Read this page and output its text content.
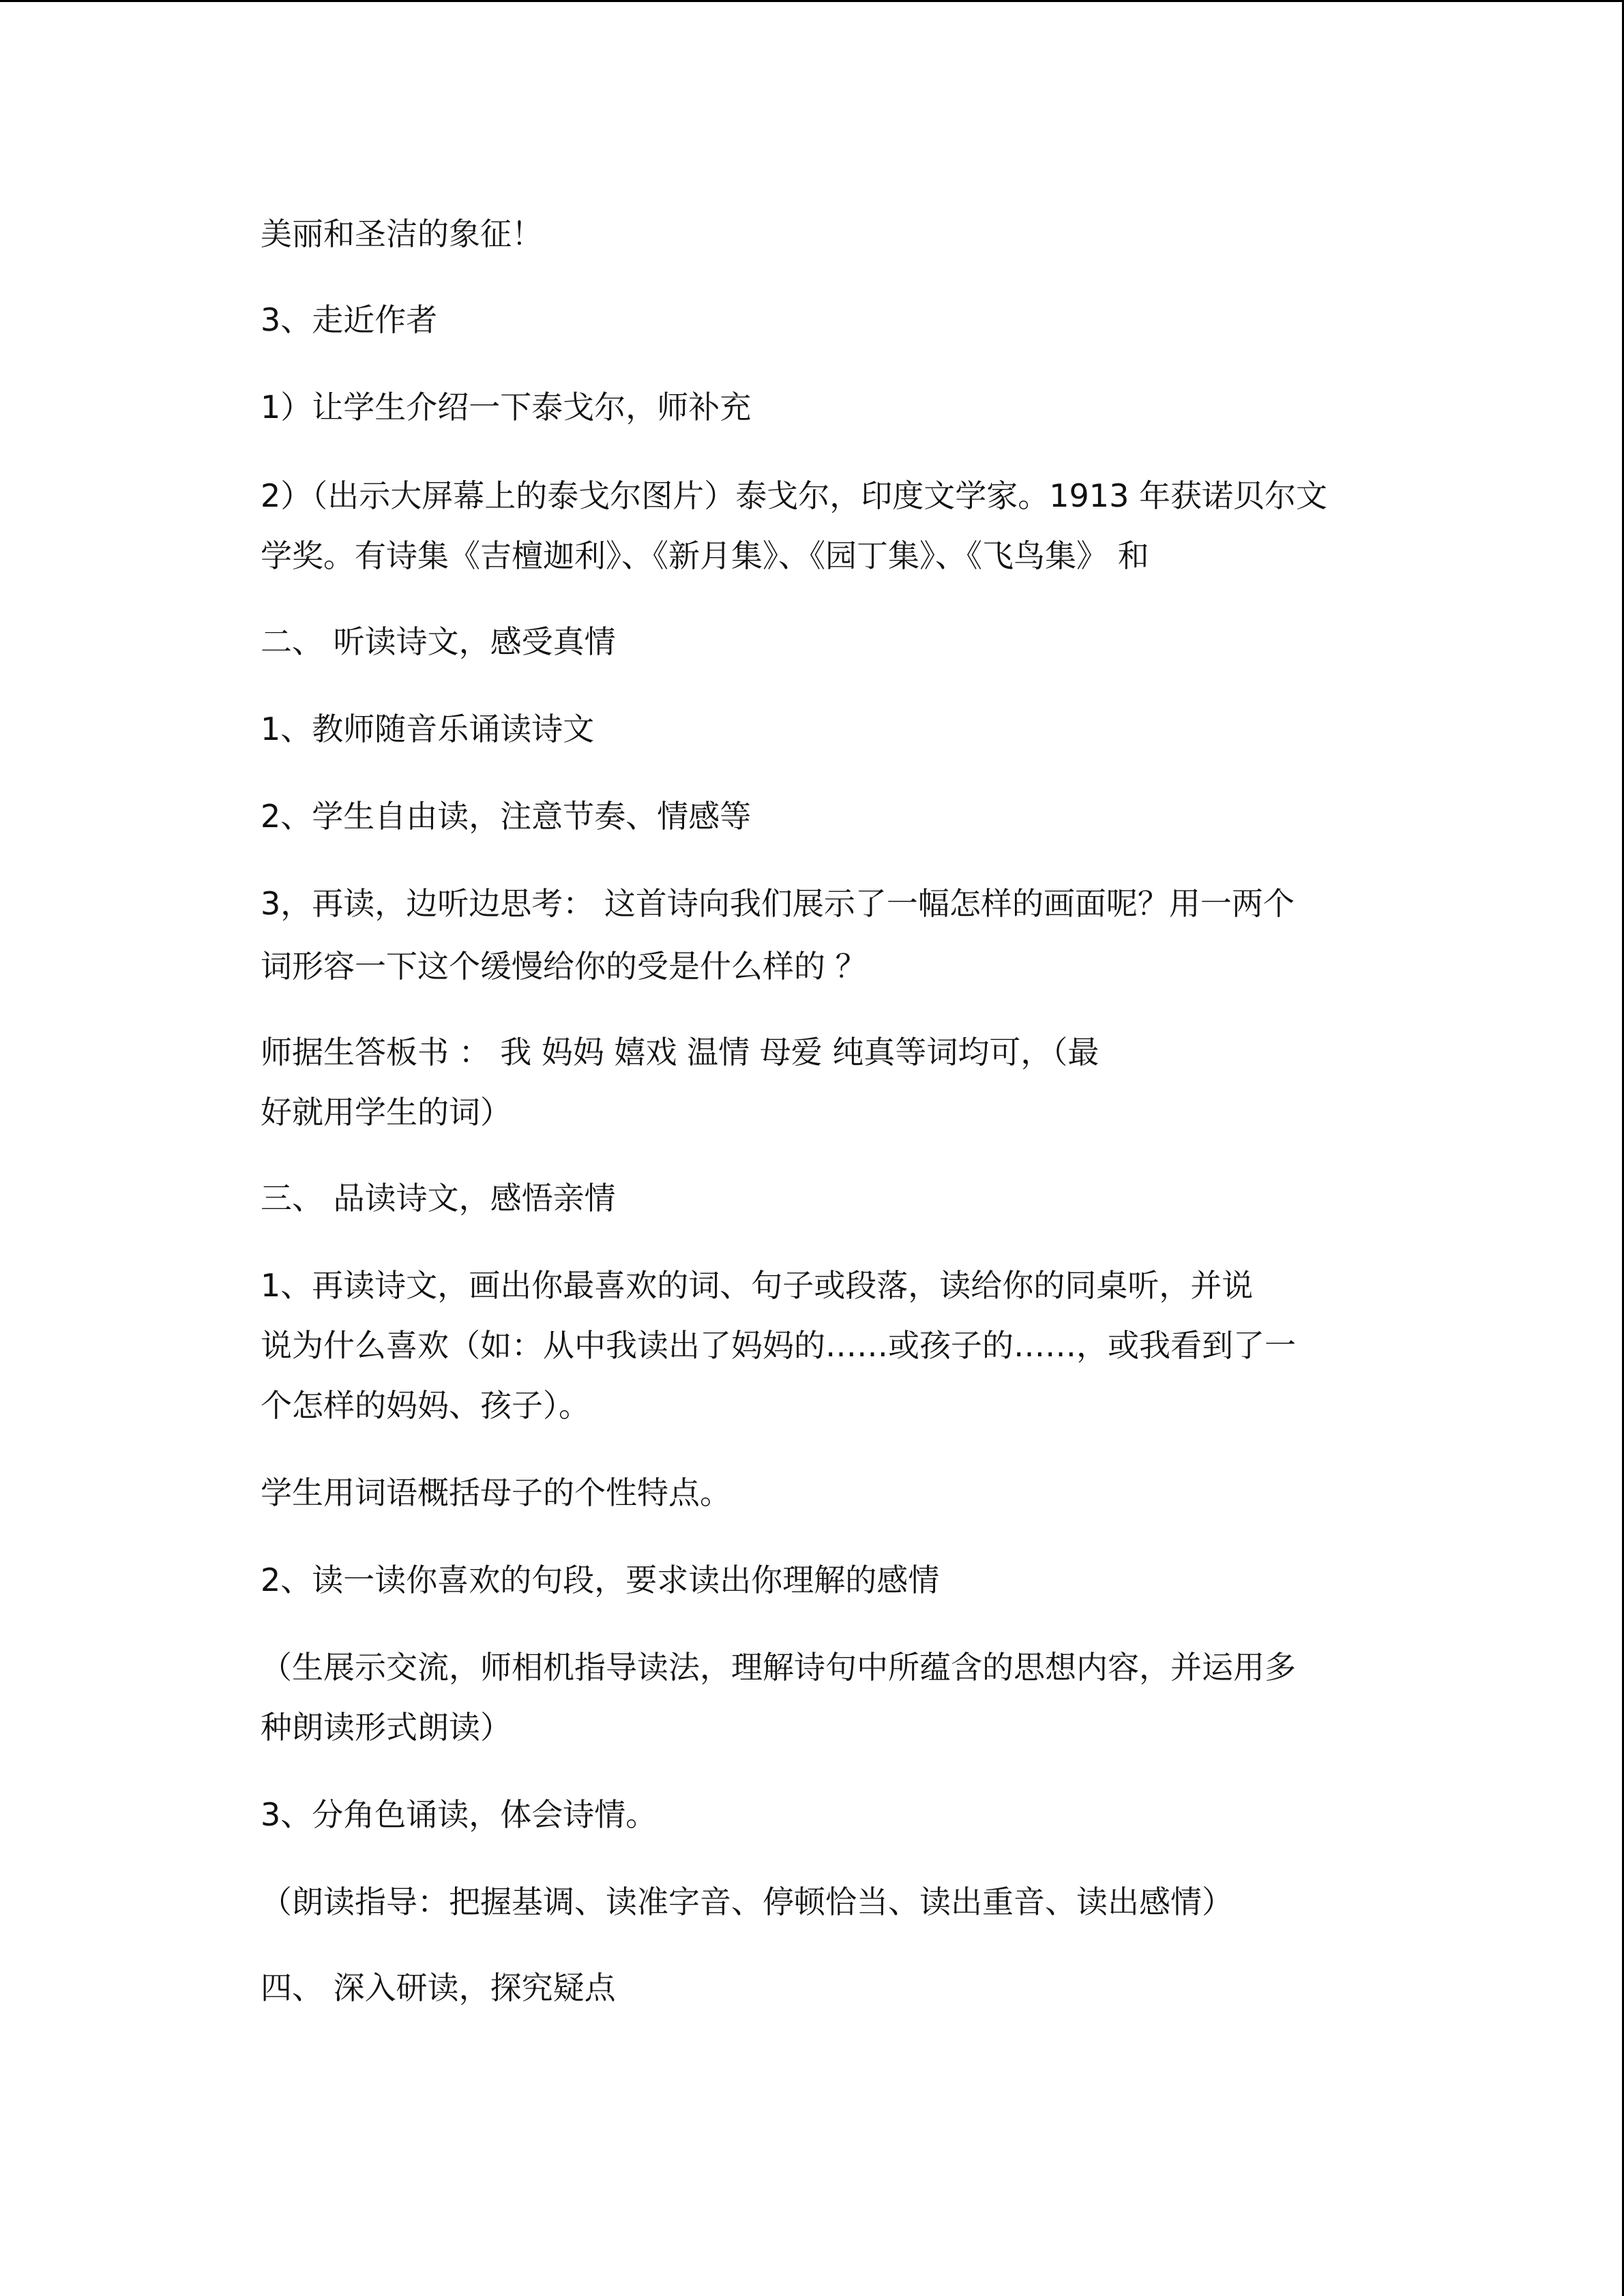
美丽和圣洁的象征！
3、走近作者
1）让学生介绍一下泰戈尔，师补充
2）（出示大屏幕上的泰戈尔图片）泰戈尔，印度文学家。1913 年获诺贝尔文
学奖。有诗集《吉檀迦利》、《新月集》、《园丁集》、《飞鸟集》 和
二、 听读诗文，感受真情
1、教师随音乐诵读诗文
2、学生自由读，注意节奏、情感等
3，再读，边听边思考： 这首诗向我们展示了一幅怎样的画面呢？用一两个
词形容一下这个缓慢给你的受是什么样的 ？
师据生答板书 ： 我 妈妈 嬉戏 温情 母爱 纯真等词均可，（最
好就用学生的词）
三、 品读诗文，感悟亲情
1、再读诗文，画出你最喜欢的词、句子或段落，读给你的同桌听，并说
说为什么喜欢（如：从中我读出了妈妈的……或孩子的……，或我看到了一
个怎样的妈妈、孩子）。
学生用词语概括母子的个性特点。
2、读一读你喜欢的句段，要求读出你理解的感情
（生展示交流，师相机指导读法，理解诗句中所蕴含的思想内容，并运用多
种朗读形式朗读）
3、分角色诵读，体会诗情。
（朗读指导：把握基调、读准字音、停顿恰当、读出重音、读出感情）
四、 深入研读，探究疑点
